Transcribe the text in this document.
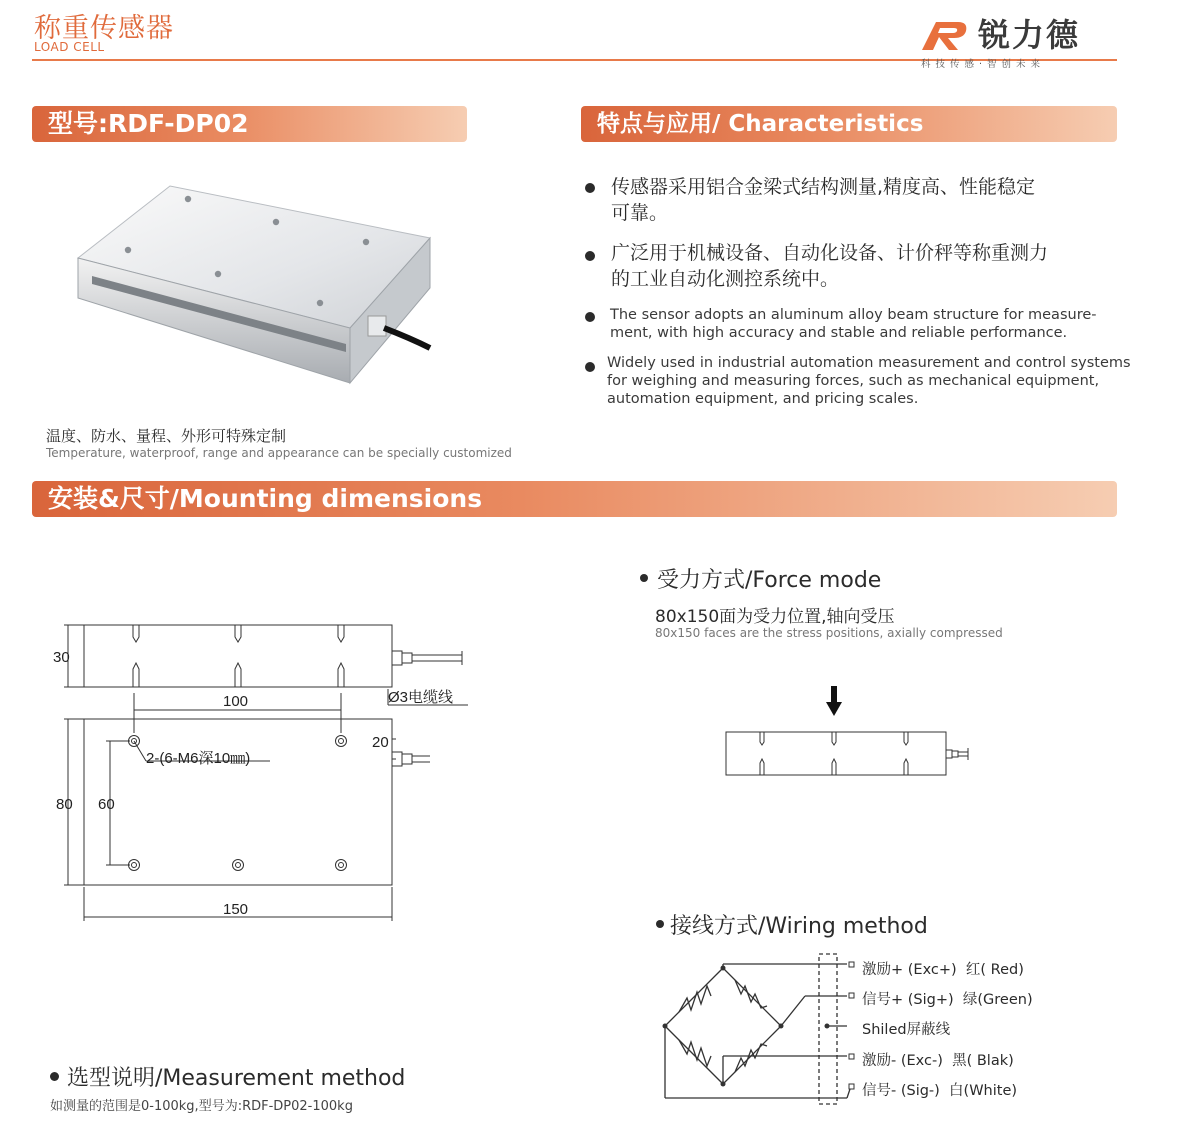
称重传感器
LOAD CELL	锐力德
科技传感·智创未来
型号:RDF-DP02	特点与应用/ Characteristics
安装&尺寸/Mounting dimensions
传感器采用铝合金梁式结构测量,精度高、性能稳定
可靠。
广泛用于机械设备、自动化设备、计价秤等称重测力
的工业自动化测控系统中。
The sensor adopts an aluminum alloy beam structure for measure-
ment, with high accuracy and stable and reliable performance.
Widely used in industrial automation measurement and control systems
for weighing and measuring forces, such as mechanical equipment,
automation equipment, and pricing scales.
温度、防水、量程、外形可特殊定制
Temperature, waterproof, range and appearance can be specially customized
30
Ø3电缆线
100
20
2-(6-M6深10㎜)
80 60
150
受力方式/Force mode
80x150面为受力位置,轴向受压
80x150 faces are the stress positions, axially compressed
接线方式/Wiring method
激励+ (Exc+) 红( Red)
信号+ (Sig+) 绿(Green)
Shiled屏蔽线
激励- (Exc-) 黑( Blak)
信号- (Sig-) 白(White)
选型说明/Measurement method
如测量的范围是0-100kg,型号为:RDF-DP02-100kg
